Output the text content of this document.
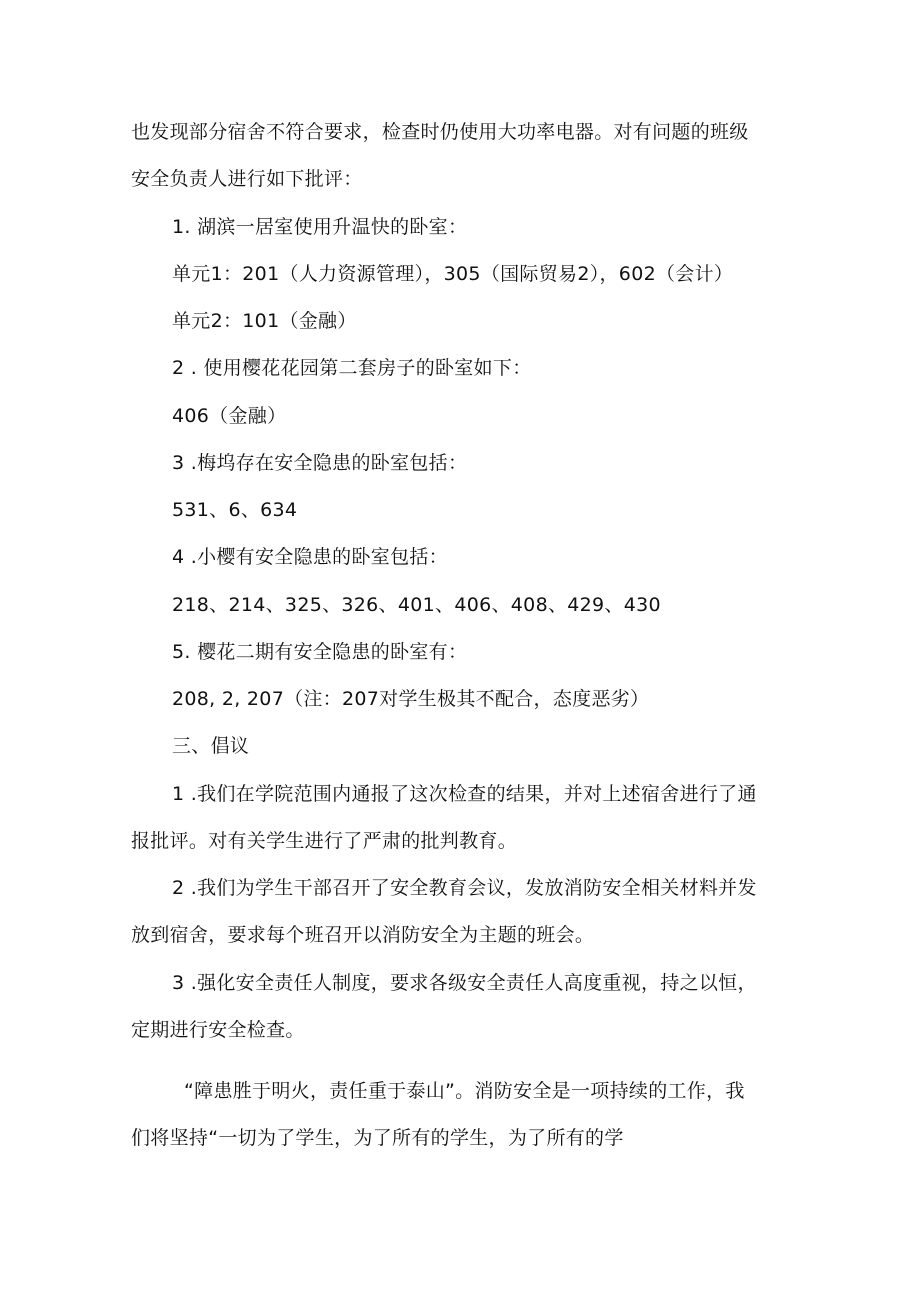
也发现部分宿舍不符合要求，检查时仍使用大功率电器。对有问题的班级
安全负责人进行如下批评：
1. 湖滨一居室使用升温快的卧室：
单元1：201（人力资源管理），305（国际贸易2），602（会计）
单元2：101（金融）
2 . 使用樱花花园第二套房子的卧室如下：
406（金融）
3 .梅坞存在安全隐患的卧室包括：
531、6、634
4 .小樱有安全隐患的卧室包括：
218、214、325、326、401、406、408、429、430
5. 樱花二期有安全隐患的卧室有：
208, 2, 207（注：207对学生极其不配合，态度恶劣）
三、倡议
1 .我们在学院范围内通报了这次检查的结果，并对上述宿舍进行了通
报批评。对有关学生进行了严肃的批判教育。
2 .我们为学生干部召开了安全教育会议，发放消防安全相关材料并发
放到宿舍，要求每个班召开以消防安全为主题的班会。
3 .强化安全责任人制度，要求各级安全责任人高度重视，持之以恒，
定期进行安全检查。
“障患胜于明火，责任重于泰山”。消防安全是一项持续的工作，我
们将坚持“一切为了学生，为了所有的学生，为了所有的学
